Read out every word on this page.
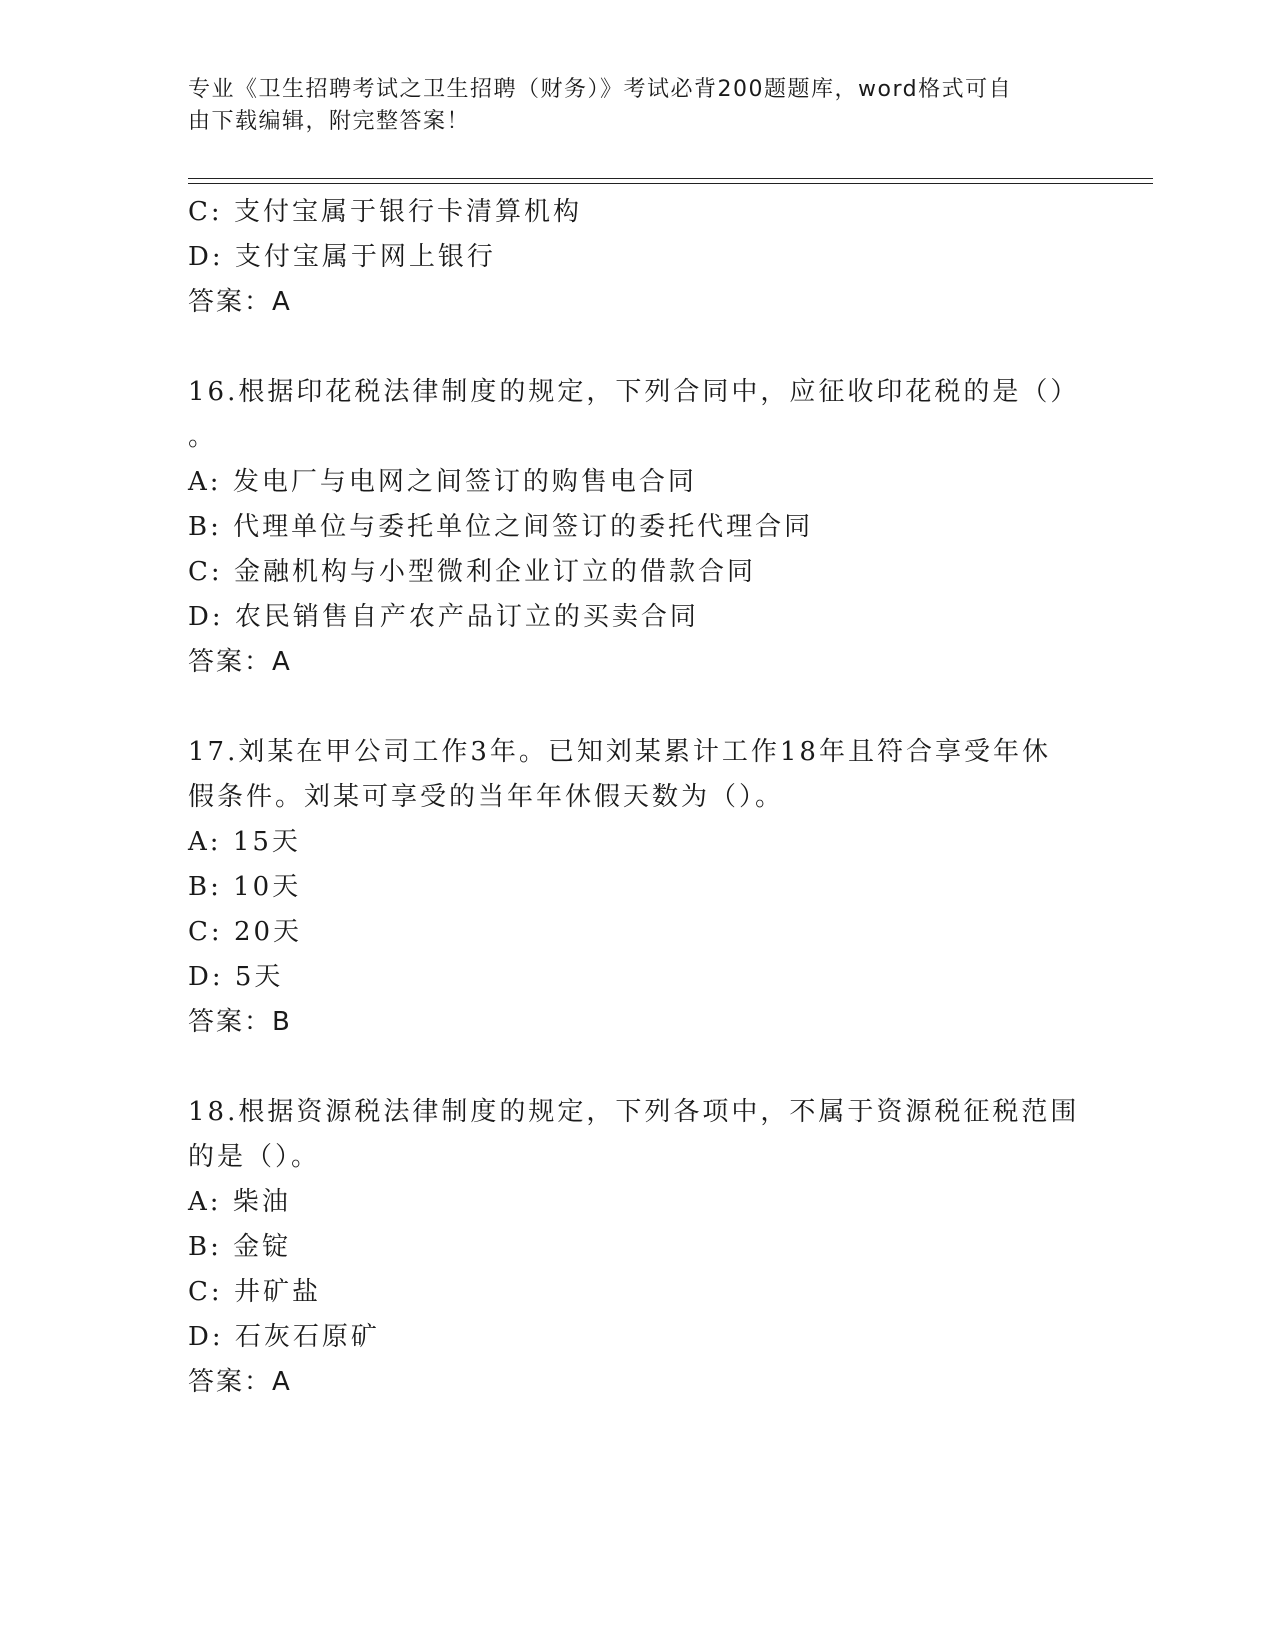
专业《卫生招聘考试之卫生招聘（财务）》考试必背200题题库，word格式可自
由下载编辑，附完整答案！
C: 支付宝属于银行卡清算机构
D: 支付宝属于网上银行
答案：A
16.根据印花税法律制度的规定，下列合同中，应征收印花税的是（）
。
A: 发电厂与电网之间签订的购售电合同
B: 代理单位与委托单位之间签订的委托代理合同
C: 金融机构与小型微利企业订立的借款合同
D: 农民销售自产农产品订立的买卖合同
答案：A
17.刘某在甲公司工作3年。已知刘某累计工作18年且符合享受年休
假条件。刘某可享受的当年年休假天数为（）。
A: 15天
B: 10天
C: 20天
D: 5天
答案：B
18.根据资源税法律制度的规定，下列各项中，不属于资源税征税范围
的是（）。
A: 柴油
B: 金锭
C: 井矿盐
D: 石灰石原矿
答案：A
